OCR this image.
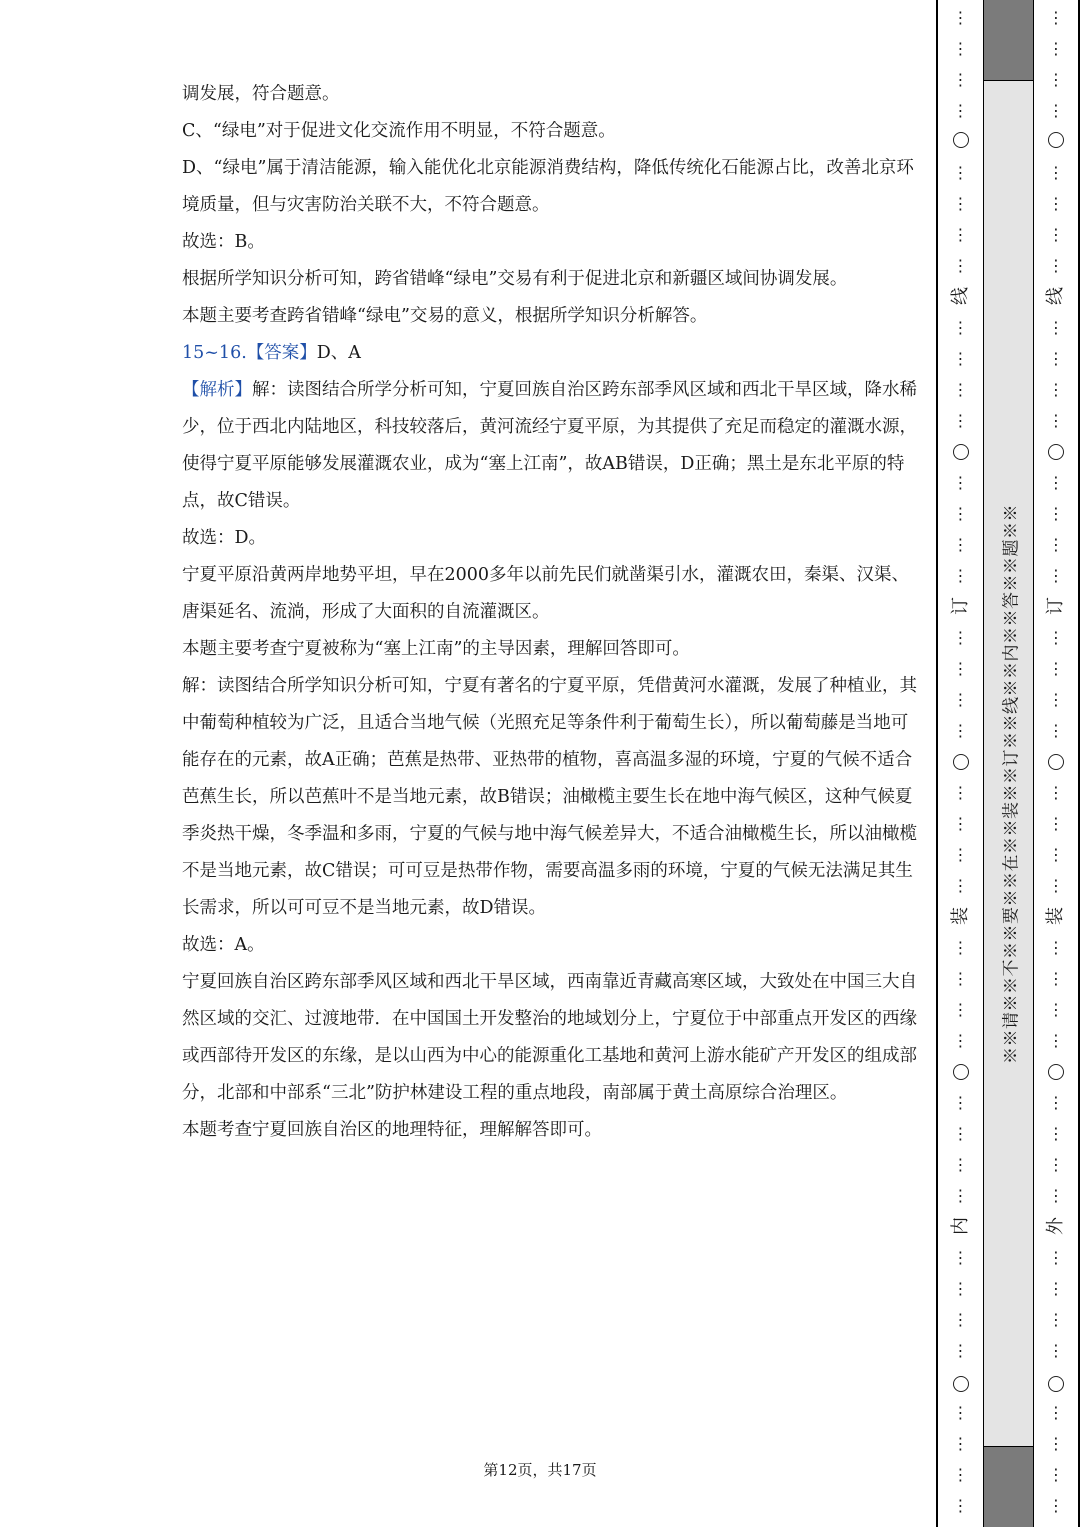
调发展，符合题意。

C、“绿电”对于促进文化交流作用不明显，不符合题意。

D、“绿电”属于清洁能源，输入能优化北京能源消费结构，降低传统化石能源占比，改善北京环境质量，但与灾害防治关联不大，不符合题意。

故选：B。

根据所学知识分析可知，跨省错峰“绿电”交易有利于促进北京和新疆区域间协调发展。

本题主要考查跨省错峰“绿电”交易的意义，根据所学知识分析解答。

15~16.【答案】D、A

【解析】解：读图结合所学分析可知，宁夏回族自治区跨东部季风区域和西北干旱区域，降水稀少，位于西北内陆地区，科技较落后，黄河流经宁夏平原，为其提供了充足而稳定的灌溉水源，使得宁夏平原能够发展灌溉农业，成为“塞上江南”，故AB错误，D正确；黑土是东北平原的特点，故C错误。

故选：D。

宁夏平原沿黄两岸地势平坦，早在2000多年以前先民们就凿渠引水，灌溉农田，秦渠、汉渠、唐渠延名、流淌，形成了大面积的自流灌溉区。

本题主要考查宁夏被称为“塞上江南”的主导因素，理解回答即可。

解：读图结合所学知识分析可知，宁夏有著名的宁夏平原，凭借黄河水灌溉，发展了种植业，其中葡萄种植较为广泛，且适合当地气候（光照充足等条件利于葡萄生长），所以葡萄藤是当地可能存在的元素，故A正确；芭蕉是热带、亚热带的植物，喜高温多湿的环境，宁夏的气候不适合芭蕉生长，所以芭蕉叶不是当地元素，故B错误；油橄榄主要生长在地中海气候区，这种气候夏季炎热干燥，冬季温和多雨，宁夏的气候与地中海气候差异大，不适合油橄榄生长，所以油橄榄不是当地元素，故C错误；可可豆是热带作物，需要高温多雨的环境，宁夏的气候无法满足其生长需求，所以可可豆不是当地元素，故D错误。

故选：A。

宁夏回族自治区跨东部季风区域和西北干旱区域，西南靠近青藏高寒区域，大致处在中国三大自然区域的交汇、过渡地带．在中国国土开发整治的地域划分上，宁夏位于中部重点开发区的西缘或西部待开发区的东缘，是以山西为中心的能源重化工基地和黄河上游水能矿产开发区的组成部分，北部和中部系“三北”防护林建设工程的重点地段，南部属于黄土高原综合治理区。

本题考查宁夏回族自治区的地理特征，理解解答即可。

第12页，共17页
⋮
⋮
⋮
⋮
⋮
⋮
⋮
⋮
⋮
⋮
⋮
⋮
⋮
⋮
⋮
⋮
⋮
⋮
⋮
⋮
⋮
⋮
⋮
⋮
⋮
⋮
⋮
⋮
⋮
⋮
⋮
⋮
⋮
⋮
⋮
⋮
⋮
⋮
⋮
⋮
线
订
装
内
※※请※※不※※要※※在※※装※※订※※线※※内※※答※※题※※
⋮
⋮
⋮
⋮
⋮
⋮
⋮
⋮
⋮
⋮
⋮
⋮
⋮
⋮
⋮
⋮
⋮
⋮
⋮
⋮
⋮
⋮
⋮
⋮
⋮
⋮
⋮
⋮
⋮
⋮
⋮
⋮
⋮
⋮
⋮
⋮
⋮
⋮
⋮
⋮
线
订
装
外
